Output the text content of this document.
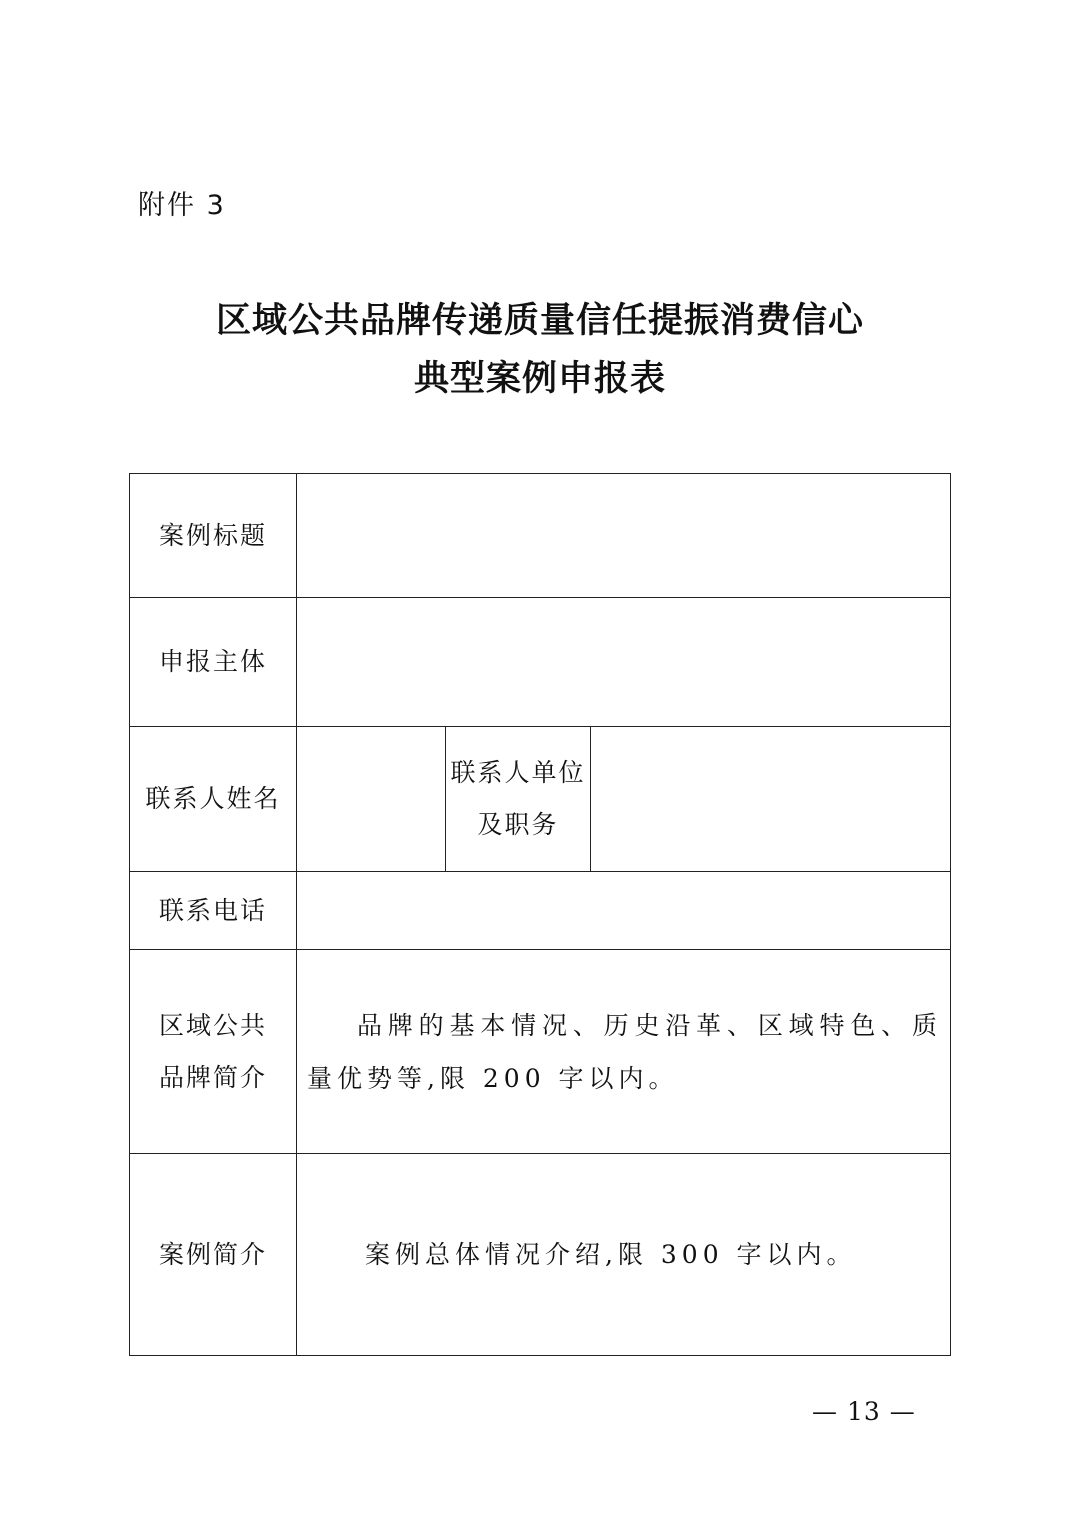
附件 3
区域公共品牌传递质量信任提振消费信心
典型案例申报表
案例标题			
申报主体			
联系人姓名		联系人单位
及职务	

联系电话			

区域公共
品牌简介	品牌的基本情况、历史沿革、区域特色、质量优势等,限 200 字以内。		

案例简介	案例总体情况介绍,限 300 字以内。		
— 13 —
